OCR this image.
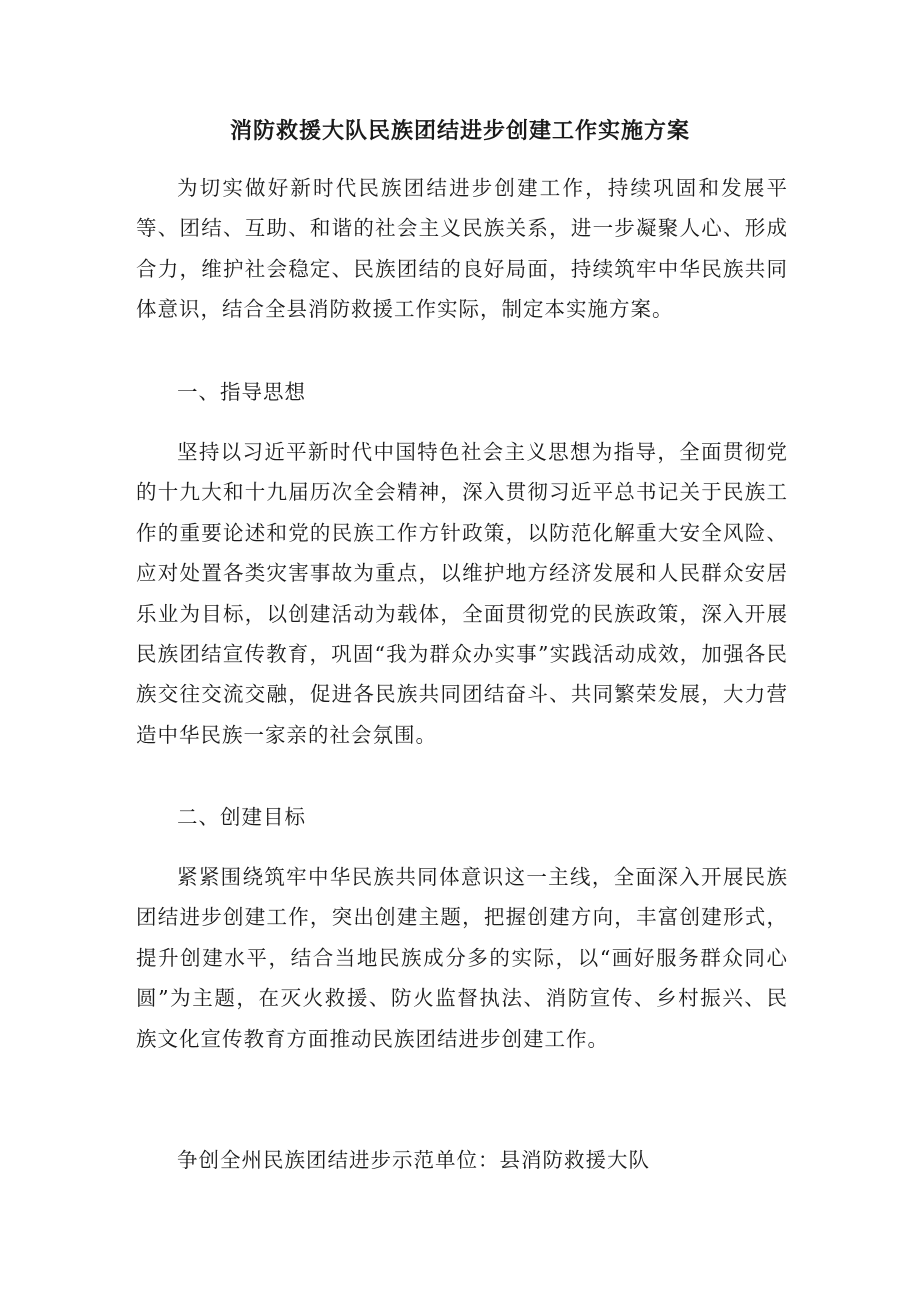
消防救援大队民族团结进步创建工作实施方案

为切实做好新时代民族团结进步创建工作，持续巩固和发展平等、团结、互助、和谐的社会主义民族关系，进一步凝聚人心、形成合力，维护社会稳定、民族团结的良好局面，持续筑牢中华民族共同体意识，结合全县消防救援工作实际，制定本实施方案。

一、指导思想

坚持以习近平新时代中国特色社会主义思想为指导，全面贯彻党的十九大和十九届历次全会精神，深入贯彻习近平总书记关于民族工作的重要论述和党的民族工作方针政策，以防范化解重大安全风险、应对处置各类灾害事故为重点，以维护地方经济发展和人民群众安居乐业为目标，以创建活动为载体，全面贯彻党的民族政策，深入开展民族团结宣传教育，巩固“我为群众办实事”实践活动成效，加强各民族交往交流交融，促进各民族共同团结奋斗、共同繁荣发展，大力营造中华民族一家亲的社会氛围。

二、创建目标

紧紧围绕筑牢中华民族共同体意识这一主线，全面深入开展民族团结进步创建工作，突出创建主题，把握创建方向，丰富创建形式，提升创建水平，结合当地民族成分多的实际，以“画好服务群众同心圆”为主题，在灭火救援、防火监督执法、消防宣传、乡村振兴、民族文化宣传教育方面推动民族团结进步创建工作。

争创全州民族团结进步示范单位：县消防救援大队
